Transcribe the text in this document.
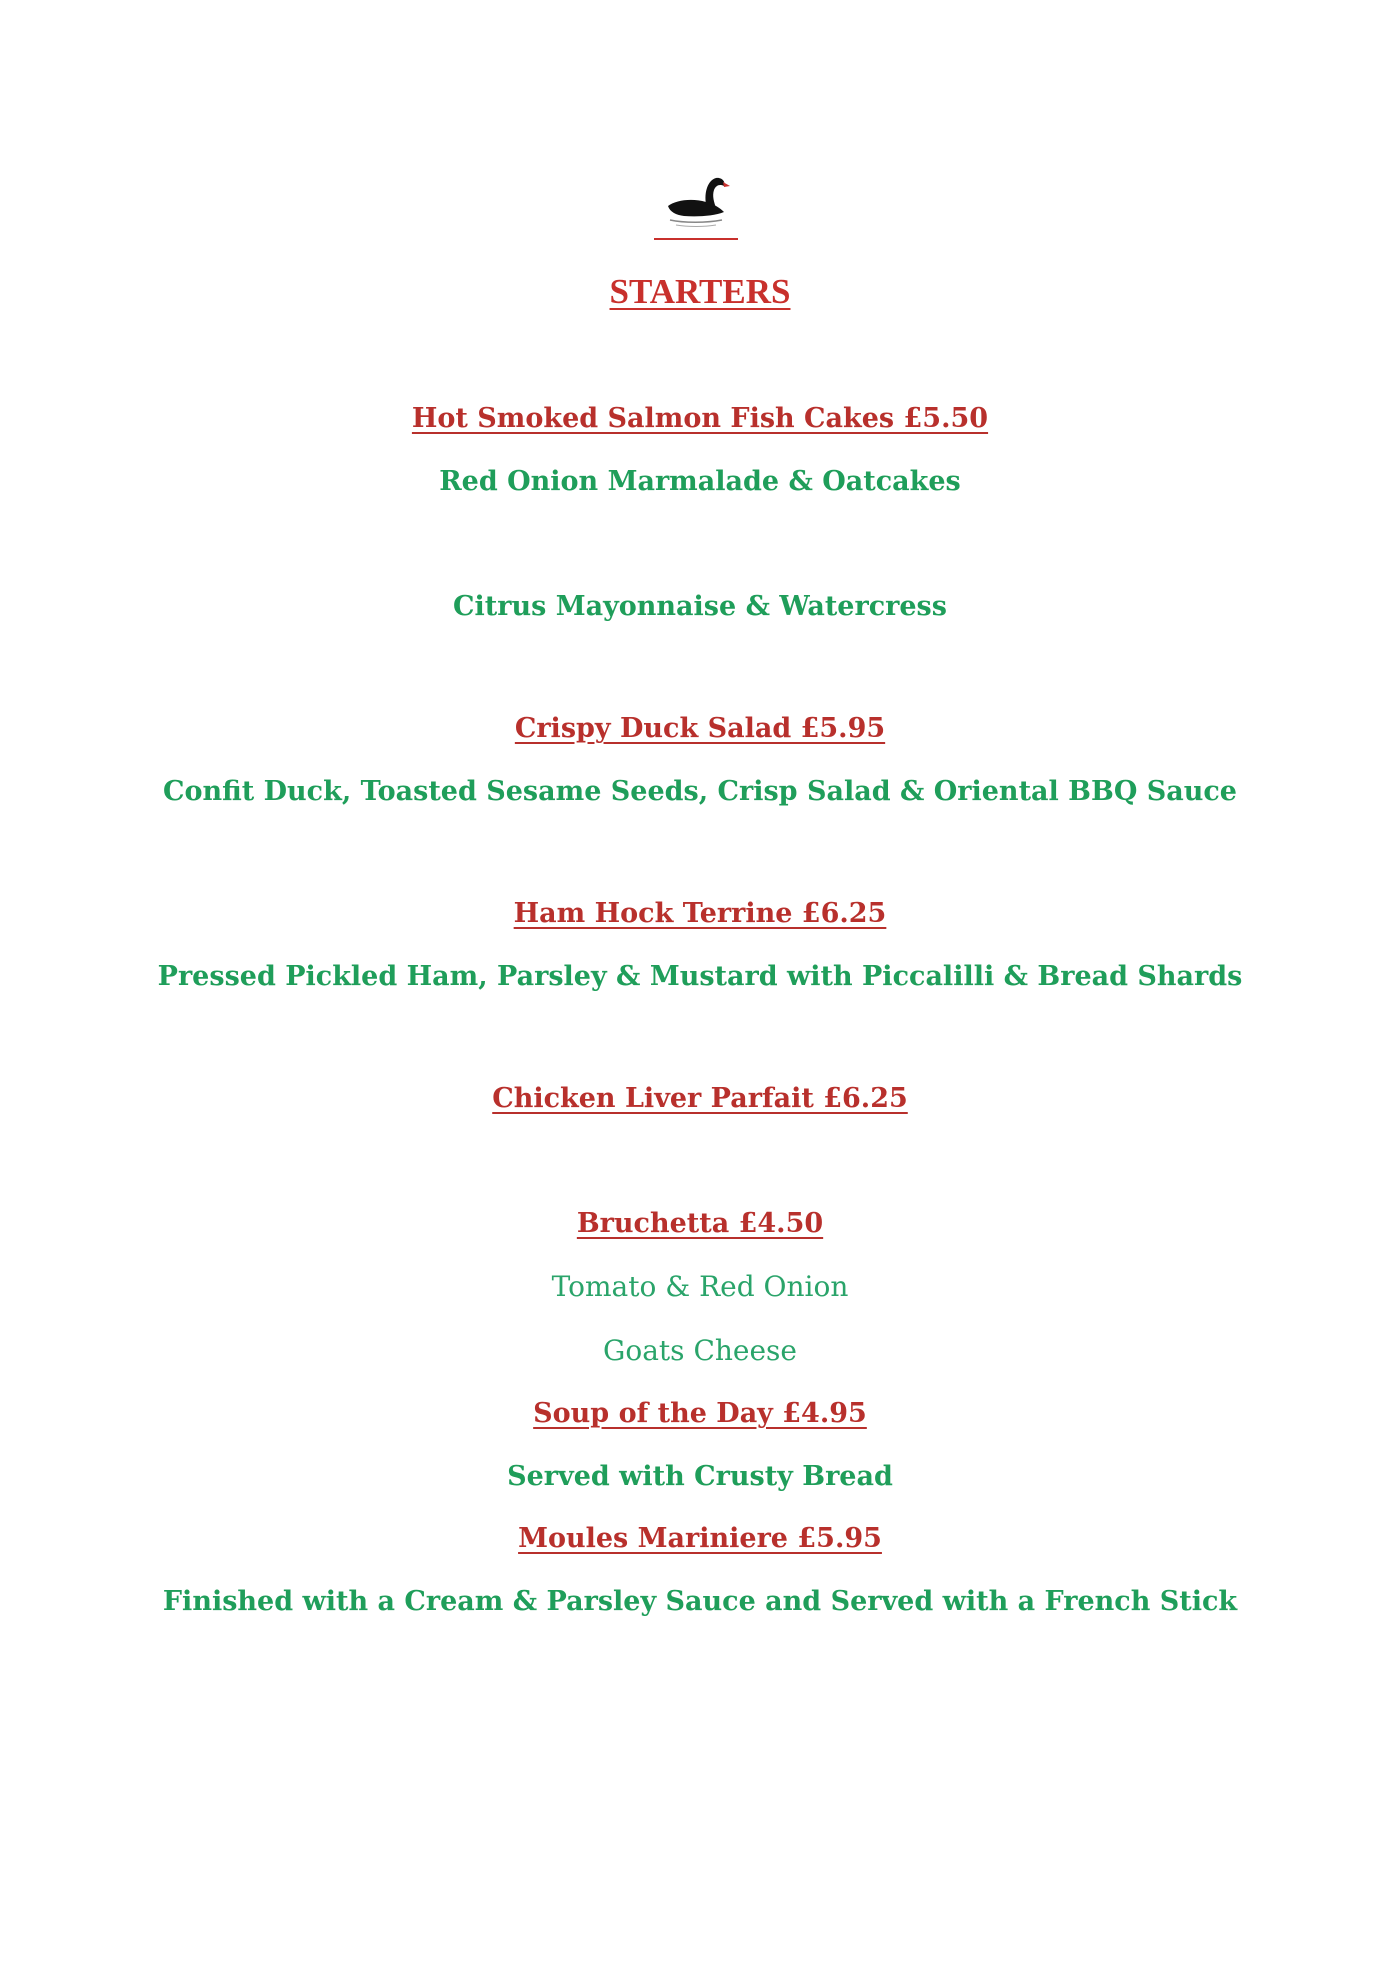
STARTERS
Hot Smoked Salmon Fish Cakes £5.50
Red Onion Marmalade & Oatcakes
Citrus Mayonnaise & Watercress
Crispy Duck Salad £5.95
Confit Duck, Toasted Sesame Seeds, Crisp Salad & Oriental BBQ Sauce
Ham Hock Terrine £6.25
Pressed Pickled Ham, Parsley & Mustard with Piccalilli & Bread Shards
Chicken Liver Parfait £6.25
Bruchetta £4.50
Tomato & Red Onion
Goats Cheese
Soup of the Day £4.95
Served with Crusty Bread
Moules Mariniere £5.95
Finished with a Cream & Parsley Sauce and Served with a French Stick
